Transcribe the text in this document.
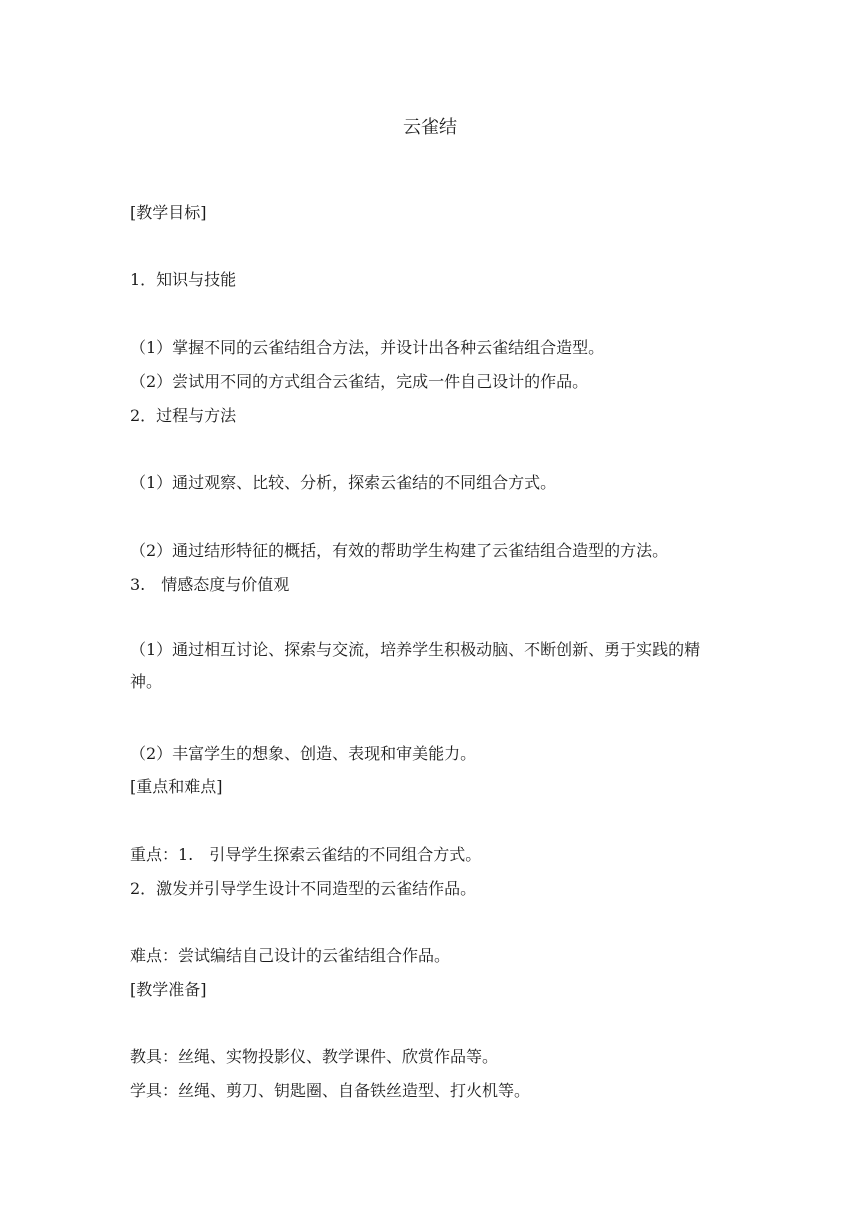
云雀结
[教学目标]
1．知识与技能
（1）掌握不同的云雀结组合方法，并设计出各种云雀结组合造型。
（2）尝试用不同的方式组合云雀结，完成一件自己设计的作品。
2．过程与方法
（1）通过观察、比较、分析，探索云雀结的不同组合方式。
（2）通过结形特征的概括，有效的帮助学生构建了云雀结组合造型的方法。
3.　情感态度与价值观
（1）通过相互讨论、探索与交流，培养学生积极动脑、不断创新、勇于实践的精神。
（2）丰富学生的想象、创造、表现和审美能力。
[重点和难点]
重点：1.　引导学生探索云雀结的不同组合方式。
2．激发并引导学生设计不同造型的云雀结作品。
难点：尝试编结自己设计的云雀结组合作品。
[教学准备]
教具：丝绳、实物投影仪、教学课件、欣赏作品等。
学具：丝绳、剪刀、钥匙圈、自备铁丝造型、打火机等。
